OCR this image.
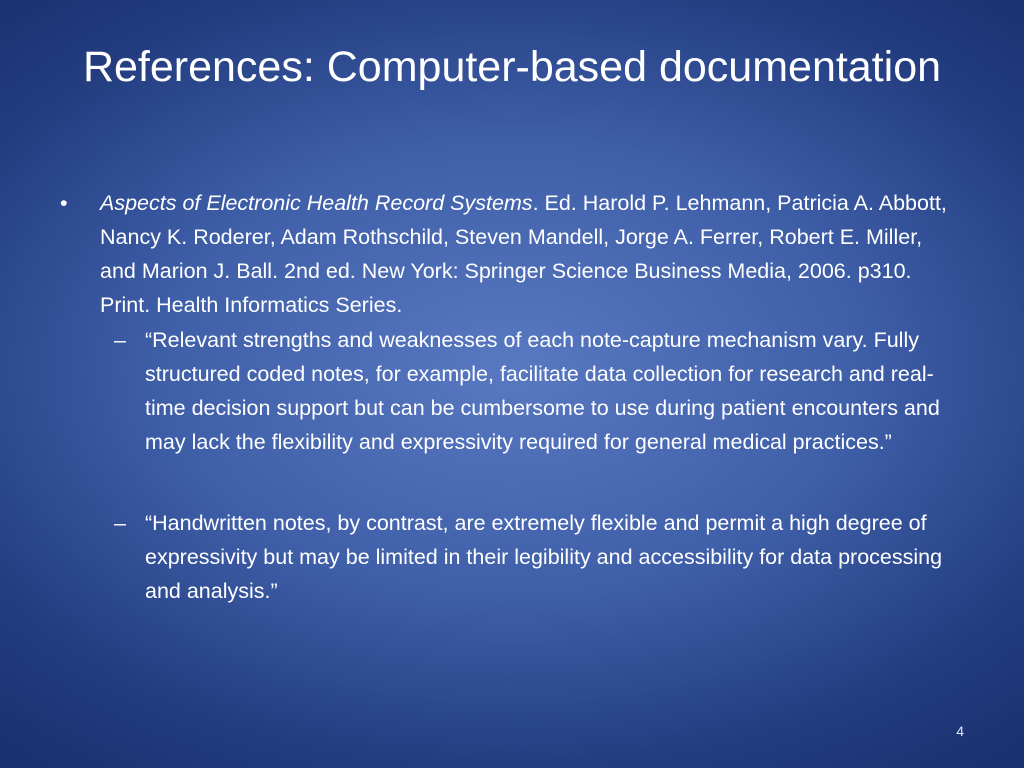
References: Computer-based documentation

• Aspects of Electronic Health Record Systems. Ed. Harold P. Lehmann, Patricia A. Abbott, Nancy K. Roderer, Adam Rothschild, Steven Mandell, Jorge A. Ferrer, Robert E. Miller, and Marion J. Ball. 2nd ed. New York: Springer Science Business Media, 2006. p310. Print. Health Informatics Series.

– “Relevant strengths and weaknesses of each note-capture mechanism vary. Fully structured coded notes, for example, facilitate data collection for research and real-time decision support but can be cumbersome to use during patient encounters and may lack the flexibility and expressivity required for general medical practices.”

– “Handwritten notes, by contrast, are extremely flexible and permit a high degree of expressivity but may be limited in their legibility and accessibility for data processing and analysis.”

4
